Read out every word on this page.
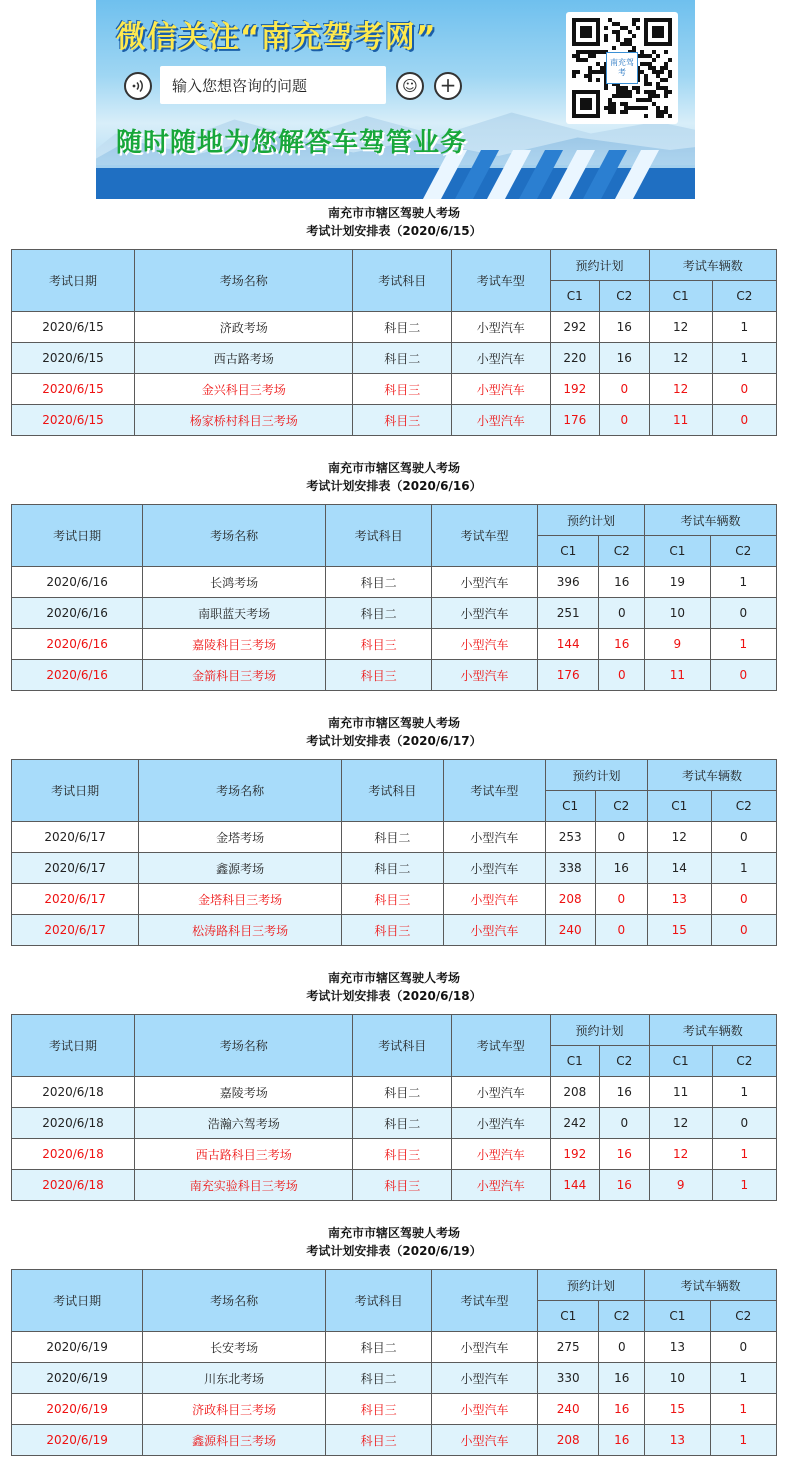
微信关注“南充驾考网”
输入您想咨询的问题	☺	+
随时随地为您解答车驾管业务
南充驾考
南充市市辖区驾驶人考场
考试计划安排表（2020/6/15）
考试日期	考场名称	考试科目	考试车型	预约计划		考试车辆数	
				C1	C2	C1	C2
2020/6/15	济政考场	科目二	小型汽车	292	16	12	1
2020/6/15	西古路考场	科目二	小型汽车	220	16	12	1
2020/6/15	金兴科目三考场	科目三	小型汽车	192	0	12	0
2020/6/15	杨家桥村科目三考场	科目三	小型汽车	176	0	11	0
南充市市辖区驾驶人考场
考试计划安排表（2020/6/16）
考试日期	考场名称	考试科目	考试车型	预约计划		考试车辆数	
				C1	C2	C1	C2
2020/6/16	长鸿考场	科目二	小型汽车	396	16	19	1
2020/6/16	南职蓝天考场	科目二	小型汽车	251	0	10	0
2020/6/16	嘉陵科目三考场	科目三	小型汽车	144	16	9	1
2020/6/16	金箭科目三考场	科目三	小型汽车	176	0	11	0
南充市市辖区驾驶人考场
考试计划安排表（2020/6/17）
考试日期	考场名称	考试科目	考试车型	预约计划		考试车辆数	
				C1	C2	C1	C2
2020/6/17	金塔考场	科目二	小型汽车	253	0	12	0
2020/6/17	鑫源考场	科目二	小型汽车	338	16	14	1
2020/6/17	金塔科目三考场	科目三	小型汽车	208	0	13	0
2020/6/17	松涛路科目三考场	科目三	小型汽车	240	0	15	0
南充市市辖区驾驶人考场
考试计划安排表（2020/6/18）
考试日期	考场名称	考试科目	考试车型	预约计划		考试车辆数	
				C1	C2	C1	C2
2020/6/18	嘉陵考场	科目二	小型汽车	208	16	11	1
2020/6/18	浩瀚六驾考场	科目二	小型汽车	242	0	12	0
2020/6/18	西古路科目三考场	科目三	小型汽车	192	16	12	1
2020/6/18	南充实验科目三考场	科目三	小型汽车	144	16	9	1
南充市市辖区驾驶人考场
考试计划安排表（2020/6/19）
考试日期	考场名称	考试科目	考试车型	预约计划		考试车辆数	
				C1	C2	C1	C2
2020/6/19	长安考场	科目二	小型汽车	275	0	13	0
2020/6/19	川东北考场	科目二	小型汽车	330	16	10	1
2020/6/19	济政科目三考场	科目三	小型汽车	240	16	15	1
2020/6/19	鑫源科目三考场	科目三	小型汽车	208	16	13	1
